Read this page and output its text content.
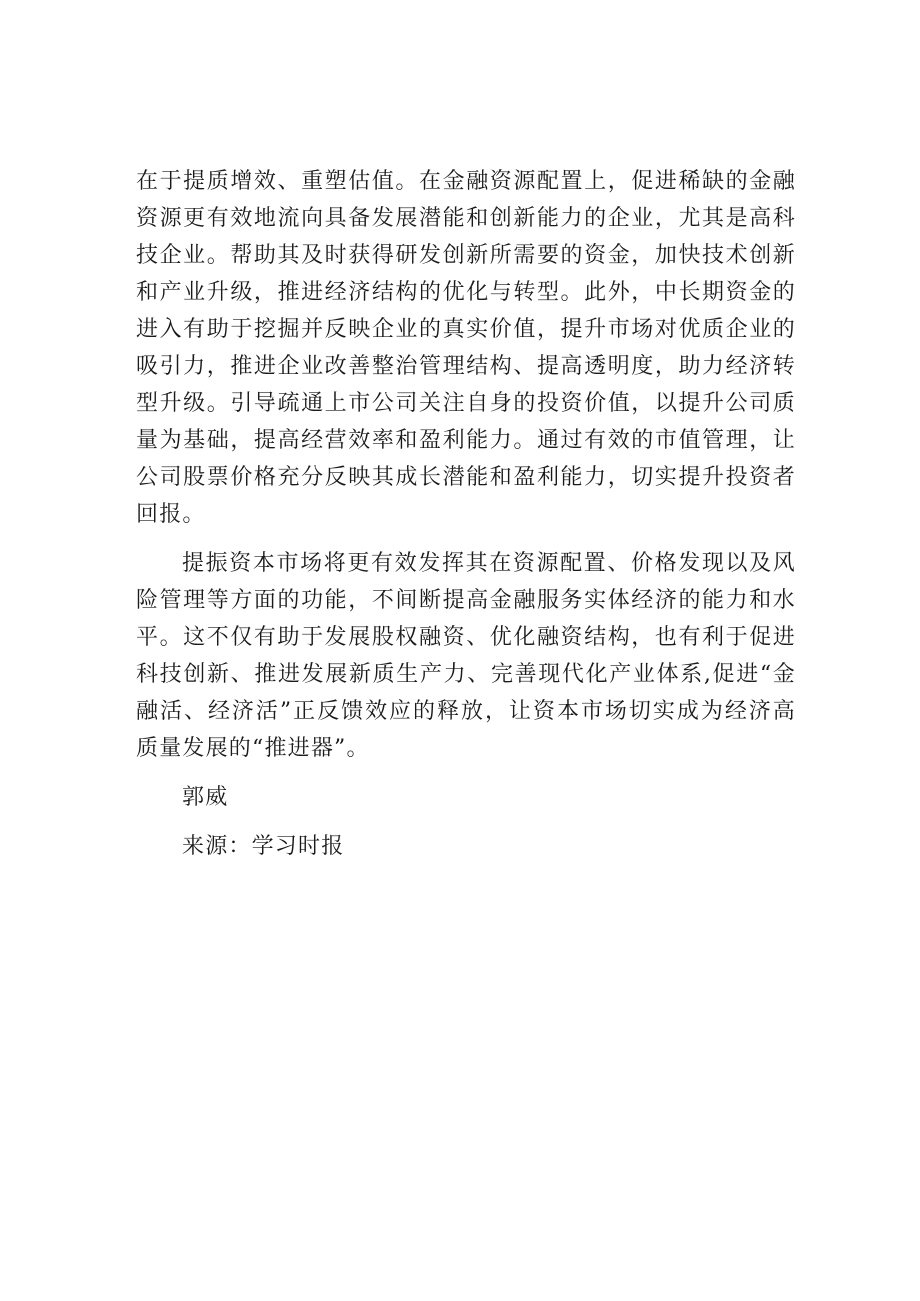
在于提质增效、重塑估值。在金融资源配置上，促进稀缺的金融资源更有效地流向具备发展潜能和创新能力的企业，尤其是高科技企业。帮助其及时获得研发创新所需要的资金，加快技术创新和产业升级，推进经济结构的优化与转型。此外，中长期资金的进入有助于挖掘并反映企业的真实价值，提升市场对优质企业的吸引力，推进企业改善整治管理结构、提高透明度，助力经济转型升级。引导疏通上市公司关注自身的投资价值，以提升公司质量为基础，提高经营效率和盈利能力。通过有效的市值管理，让公司股票价格充分反映其成长潜能和盈利能力，切实提升投资者回报。

提振资本市场将更有效发挥其在资源配置、价格发现以及风险管理等方面的功能，不间断提高金融服务实体经济的能力和水平。这不仅有助于发展股权融资、优化融资结构，也有利于促进科技创新、推进发展新质生产力、完善现代化产业体系,促进“金融活、经济活”正反馈效应的释放，让资本市场切实成为经济高质量发展的“推进器”。

郭威

来源：学习时报
